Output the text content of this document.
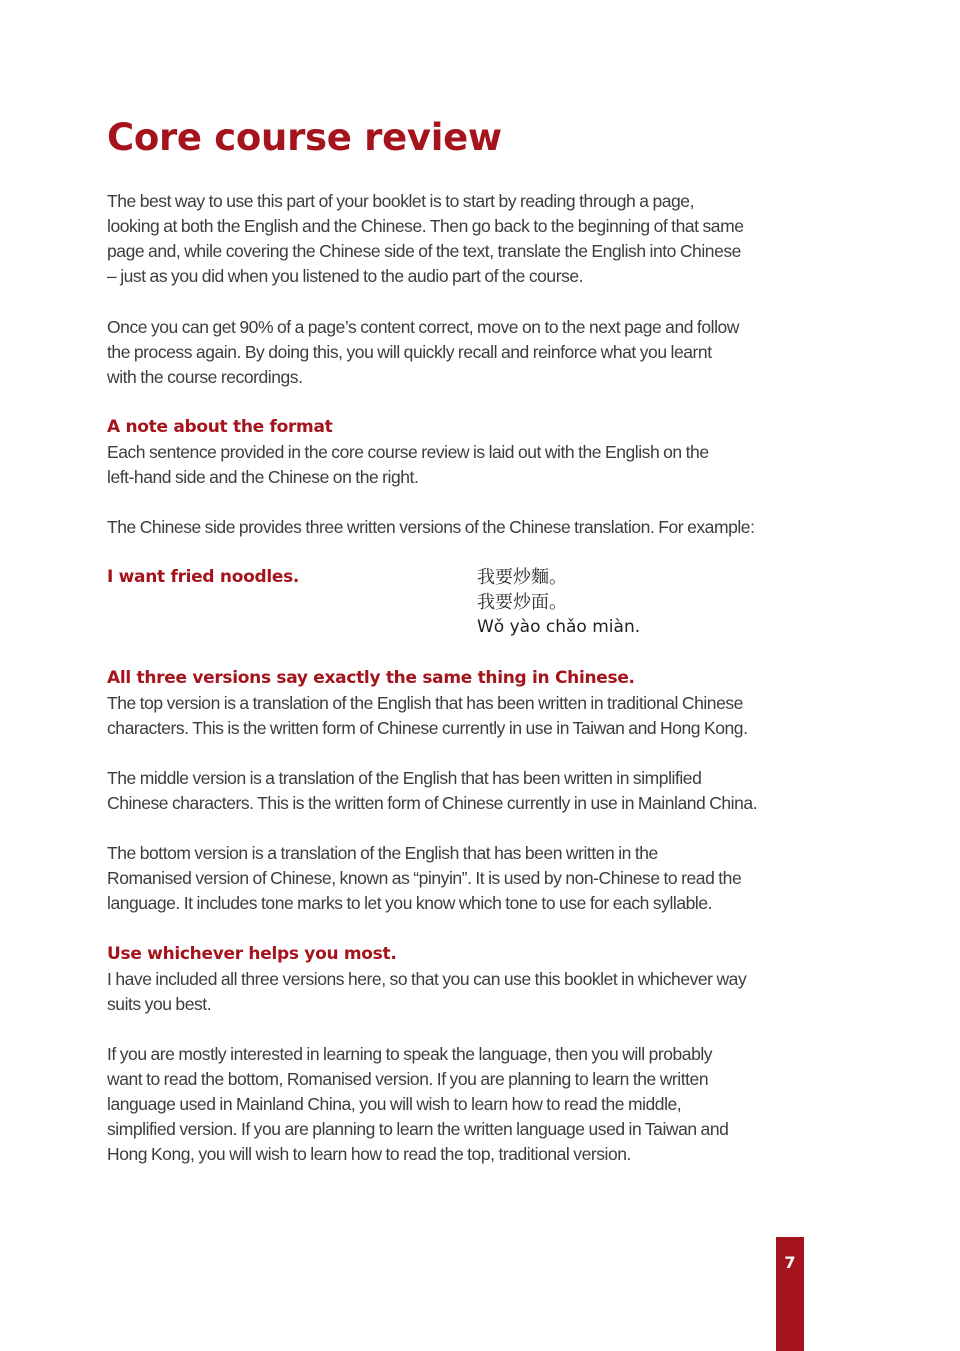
Core course review

The best way to use this part of your booklet is to start by reading through a page,
looking at both the English and the Chinese. Then go back to the beginning of that same
page and, while covering the Chinese side of the text, translate the English into Chinese
– just as you did when you listened to the audio part of the course.

Once you can get 90% of a page’s content correct, move on to the next page and follow
the process again. By doing this, you will quickly recall and reinforce what you learnt
with the course recordings.

A note about the format

Each sentence provided in the core course review is laid out with the English on the
left-hand side and the Chinese on the right.

The Chinese side provides three written versions of the Chinese translation. For example:

I want fried noodles.	我要炒麵。
我要炒面。
Wǒ yào chǎo miàn.
All three versions say exactly the same thing in Chinese.

The top version is a translation of the English that has been written in traditional Chinese
characters. This is the written form of Chinese currently in use in Taiwan and Hong Kong.

The middle version is a translation of the English that has been written in simplified
Chinese characters. This is the written form of Chinese currently in use in Mainland China.

The bottom version is a translation of the English that has been written in the
Romanised version of Chinese, known as “pinyin”. It is used by non-Chinese to read the
language. It includes tone marks to let you know which tone to use for each syllable.

Use whichever helps you most.

I have included all three versions here, so that you can use this booklet in whichever way
suits you best.

If you are mostly interested in learning to speak the language, then you will probably
want to read the bottom, Romanised version. If you are planning to learn the written
language used in Mainland China, you will wish to learn how to read the middle,
simplified version. If you are planning to learn the written language used in Taiwan and
Hong Kong, you will wish to learn how to read the top, traditional version.

7
